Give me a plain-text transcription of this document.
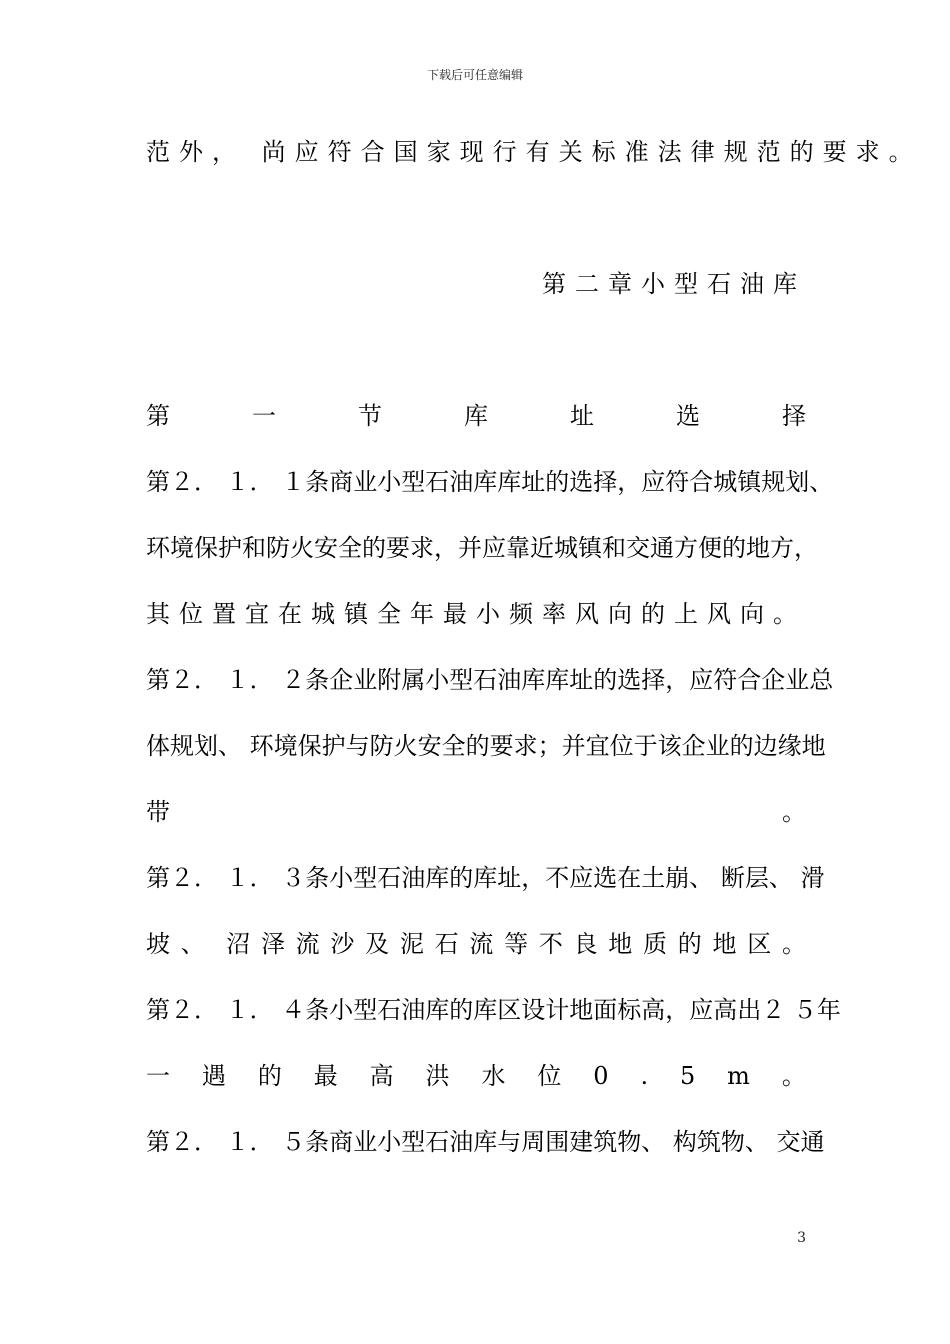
下载后可任意编辑
范外， 尚应符合国家现行有关标准法律规范的要求。
第二章小型石油库
第	一	节	库	址	选	择
第２． １． １条商业小型石油库库址的选择，应符合城镇规划、
环境保护和防火安全的要求，并应靠近城镇和交通方便的地方，
其位置宜在城镇全年最小频率风向的上风向。
第２． １． ２条企业附属小型石油库库址的选择，应符合企业总
体规划、 环境保护与防火安全的要求；并宜位于该企业的边缘地
带	。
第２． １． ３条小型石油库的库址，不应选在土崩、 断层、 滑
坡 、 沼 泽 流 沙 及 泥 石 流 等 不 良 地 质 的 地 区 。
第２． １． ４条小型石油库的库区设计地面标高，应高出２ ５年
一 遇 的 最 高 洪 水 位 0 . 5 m 。
第２． １． ５条商业小型石油库与周围建筑物、 构筑物、 交通
3
